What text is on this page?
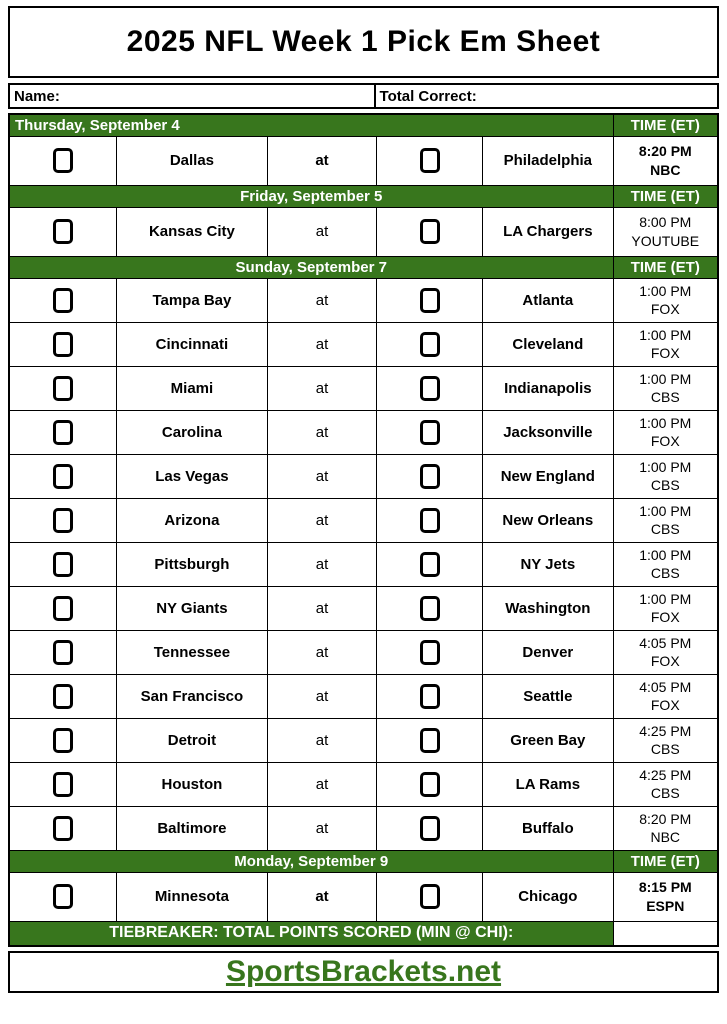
2025 NFL Week 1 Pick Em Sheet
Name:	Total Correct:
Thursday, September 4					TIME (ET)
	Dallas	at		Philadelphia	8:20 PM
NBC

Friday, September 5					TIME (ET)
	Kansas City	at		LA Chargers	8:00 PM
YOUTUBE

Sunday, September 7					TIME (ET)
	Tampa Bay	at		Atlanta	1:00 PM
FOX

	Cincinnati	at		Cleveland	1:00 PM
FOX

	Miami	at		Indianapolis	1:00 PM
CBS

	Carolina	at		Jacksonville	1:00 PM
FOX

	Las Vegas	at		New England	1:00 PM
CBS

	Arizona	at		New Orleans	1:00 PM
CBS

	Pittsburgh	at		NY Jets	1:00 PM
CBS

	NY Giants	at		Washington	1:00 PM
FOX

	Tennessee	at		Denver	4:05 PM
FOX

	San Francisco	at		Seattle	4:05 PM
FOX

	Detroit	at		Green Bay	4:25 PM
CBS

	Houston	at		LA Rams	4:25 PM
CBS

	Baltimore	at		Buffalo	8:20 PM
NBC

Monday, September 9					TIME (ET)
	Minnesota	at		Chicago	8:15 PM
ESPN

TIEBREAKER: TOTAL POINTS SCORED (MIN @ CHI):					
SportsBrackets.net
